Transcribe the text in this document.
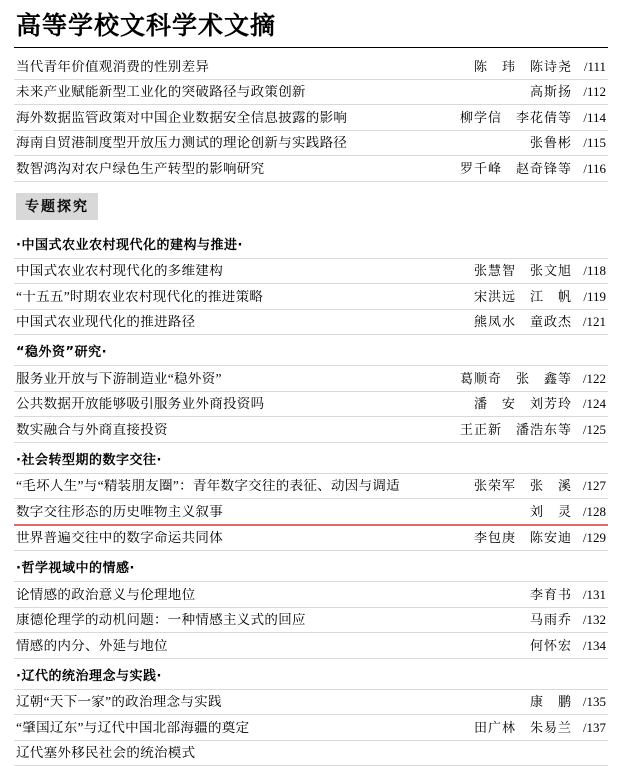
高等学校文科学术文摘
当代青年价值观消费的性别差异	陈　玮　陈诗尧	/ 111
未来产业赋能新型工业化的突破路径与政策创新	高斯扬	/ 112
海外数据监管政策对中国企业数据安全信息披露的影响	柳学信　李花倩等	/ 114
海南自贸港制度型开放压力测试的理论创新与实践路径	张鲁彬	/ 115
数智鸿沟对农户绿色生产转型的影响研究	罗千峰　赵奇锋等	/ 116
专题探究
·中国式农业农村现代化的建构与推进·
中国式农业农村现代化的多维建构	张慧智　张文旭	/ 118
“十五五”时期农业农村现代化的推进策略	宋洪远　江　帆	/ 119
中国式农业现代化的推进路径	熊凤水　童政杰	/ 121
“稳外资”研究·
服务业开放与下游制造业“稳外资”	葛顺奇　张　鑫等	/ 122
公共数据开放能够吸引服务业外商投资吗	潘　安　刘芳玲	/ 124
数实融合与外商直接投资	王正新　潘浩东等	/ 125
·社会转型期的数字交往·
“毛坏人生”与“精装朋友圈”：青年数字交往的表征、动因与调适	张荣军　张　溪	/ 127
数字交往形态的历史唯物主义叙事	刘　灵	/ 128
世界普遍交往中的数字命运共同体	李包庚　陈安迪	/ 129
·哲学视域中的情感·
论情感的政治意义与伦理地位	李育书	/ 131
康德伦理学的动机问题：一种情感主义式的回应	马雨乔	/ 132
情感的内分、外延与地位	何怀宏	/ 134
·辽代的统治理念与实践·
辽朝“天下一家”的政治理念与实践	康　鹏	/ 135
“肇国辽东”与辽代中国北部海疆的奠定	田广林　朱易兰	/ 137
辽代塞外移民社会的统治模式
